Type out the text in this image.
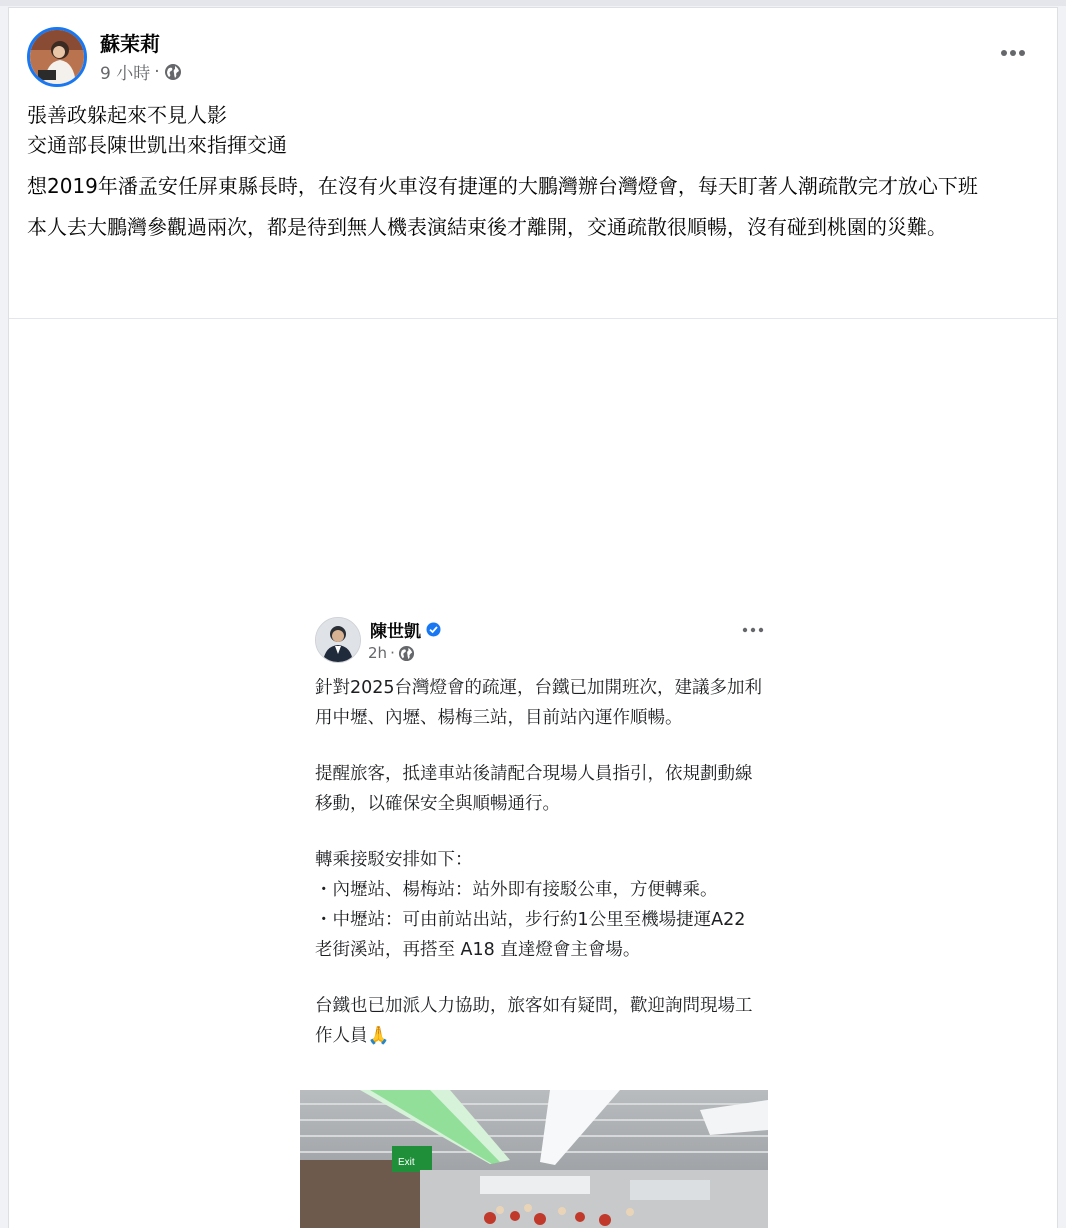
蘇茉莉
9 小時 ·

張善政躲起來不見人影
交通部長陳世凱出來指揮交通

想2019年潘孟安任屏東縣長時，在沒有火車沒有捷運的大鵬灣辦台灣燈會，每天盯著人潮疏散完才放心下班

本人去大鵬灣參觀過兩次，都是待到無人機表演結束後才離開，交通疏散很順暢，沒有碰到桃園的災難。

陳世凱
2h ·

針對2025台灣燈會的疏運，台鐵已加開班次，建議多加利用中壢、內壢、楊梅三站，目前站內運作順暢。

提醒旅客，抵達車站後請配合現場人員指引，依規劃動線移動，以確保安全與順暢通行。

轉乘接駁安排如下：
・內壢站、楊梅站：站外即有接駁公車，方便轉乘。
・中壢站：可由前站出站，步行約1公里至機場捷運A22 老街溪站，再搭至 A18 直達燈會主會場。

台鐵也已加派人力協助，旅客如有疑問，歡迎詢問現場工作人員🙏

Exit
